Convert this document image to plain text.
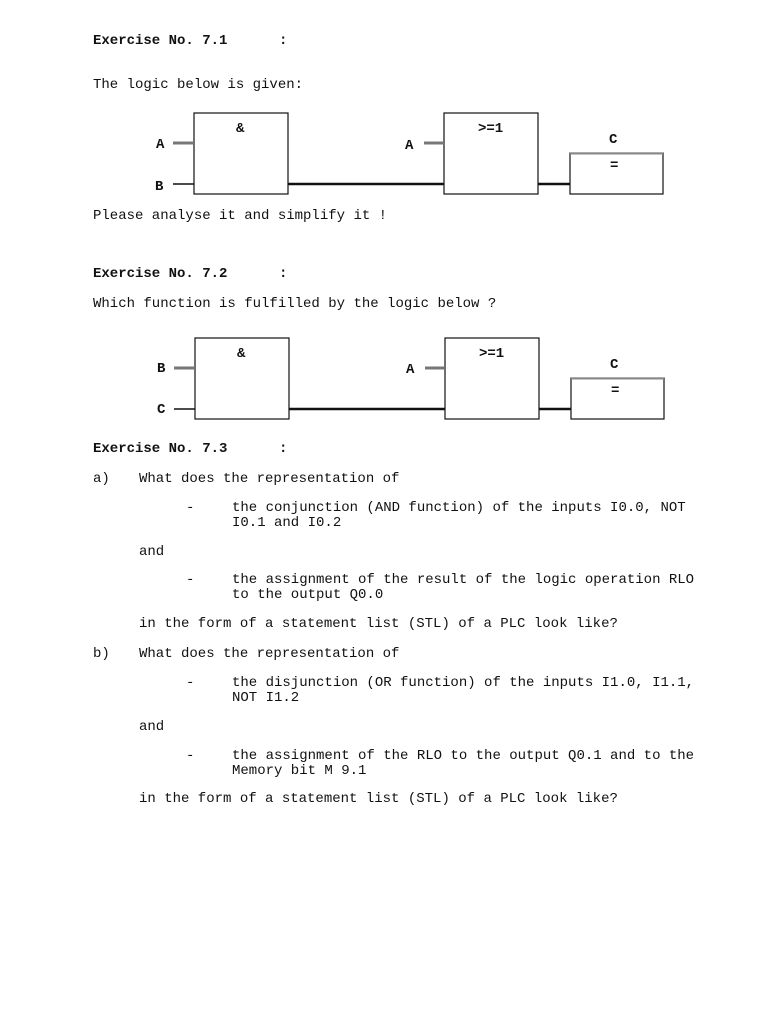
Exercise No. 7.1	:
The logic below is given:
&	>=1
=
C
A
B
A
&	>=1
=
C
B
C
A
Please analyse it and simplify it !
Exercise No. 7.2	:
Which function is fulfilled by the logic below ?
Exercise No. 7.3	:
a) What does the representation of
-	the conjunction (AND function) of the inputs I0.0, NOT
I0.1 and I0.2
and
-	the assignment of the result of the logic operation RLO
to the output Q0.0
in the form of a statement list (STL) of a PLC look like?
b) What does the representation of
-	the disjunction (OR function) of the inputs I1.0, I1.1,
NOT I1.2
and
-	the assignment of the RLO to the output Q0.1 and to the
Memory bit M 9.1
in the form of a statement list (STL) of a PLC look like?
